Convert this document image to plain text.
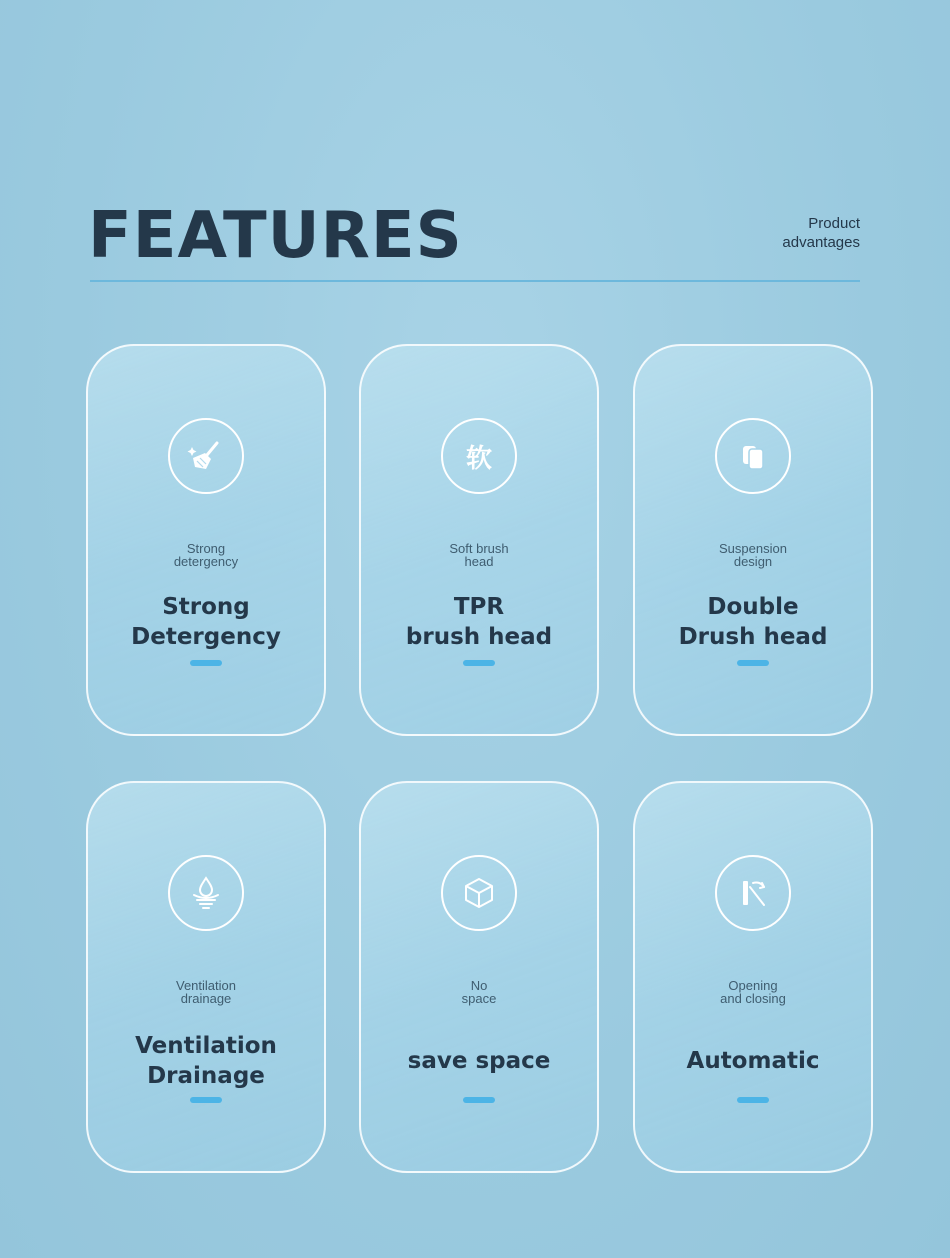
FEATURES	Product
advantages
Strong
detergency
Strong
Detergency
软
Soft brush
head
TPR
brush head
Suspension
design
Double
Drush head
Ventilation
drainage
Ventilation
Drainage
No
space
save space
Opening
and closing
Automatic
